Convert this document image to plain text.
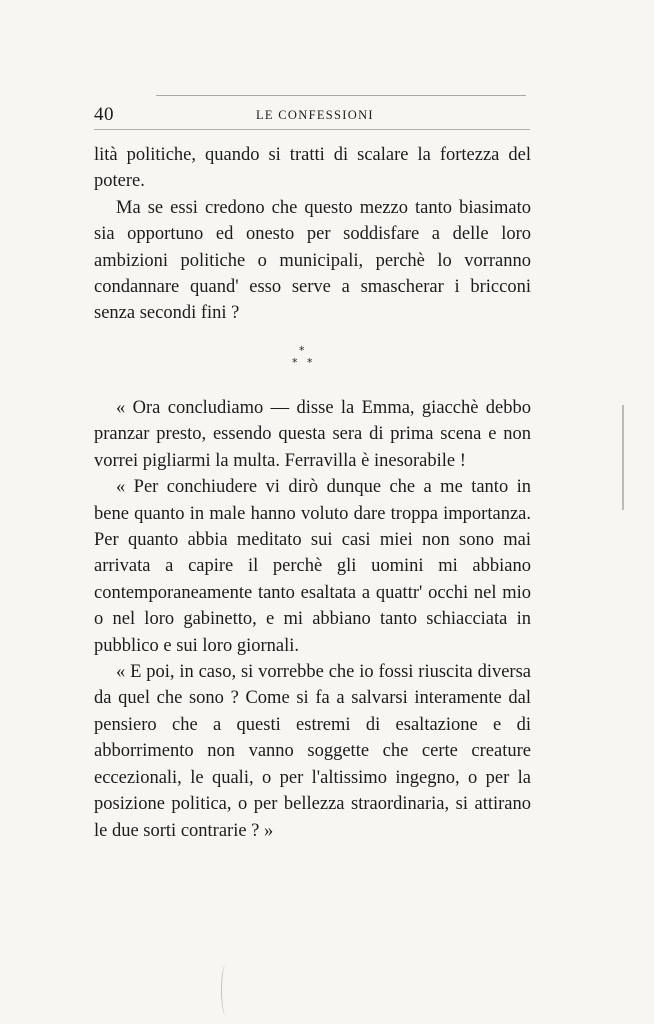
40	LE CONFESSIONI

lità politiche, quando si tratti di scalare la fortezza del potere.

Ma se essi credono che questo mezzo tanto biasimato sia opportuno ed onesto per soddisfare a delle loro ambizioni politiche o municipali, perchè lo vorranno condannare quand' esso serve a smascherar i bricconi senza secondi fini ?

*
* *

« Ora concludiamo — disse la Emma, giacchè debbo pranzar presto, essendo questa sera di prima scena e non vorrei pigliarmi la multa. Ferravilla è inesorabile !

« Per conchiudere vi dirò dunque che a me tanto in bene quanto in male hanno voluto dare troppa importanza. Per quanto abbia meditato sui casi miei non sono mai arrivata a capire il perchè gli uomini mi abbiano contemporaneamente tanto esaltata a quattr' occhi nel mio o nel loro gabinetto, e mi abbiano tanto schiacciata in pubblico e sui loro giornali.

« E poi, in caso, si vorrebbe che io fossi riuscita diversa da quel che sono ? Come si fa a salvarsi interamente dal pensiero che a questi estremi di esaltazione e di abborrimento non vanno soggette che certe creature eccezionali, le quali, o per l'altissimo ingegno, o per la posizione politica, o per bellezza straordinaria, si attirano le due sorti contrarie ? »
